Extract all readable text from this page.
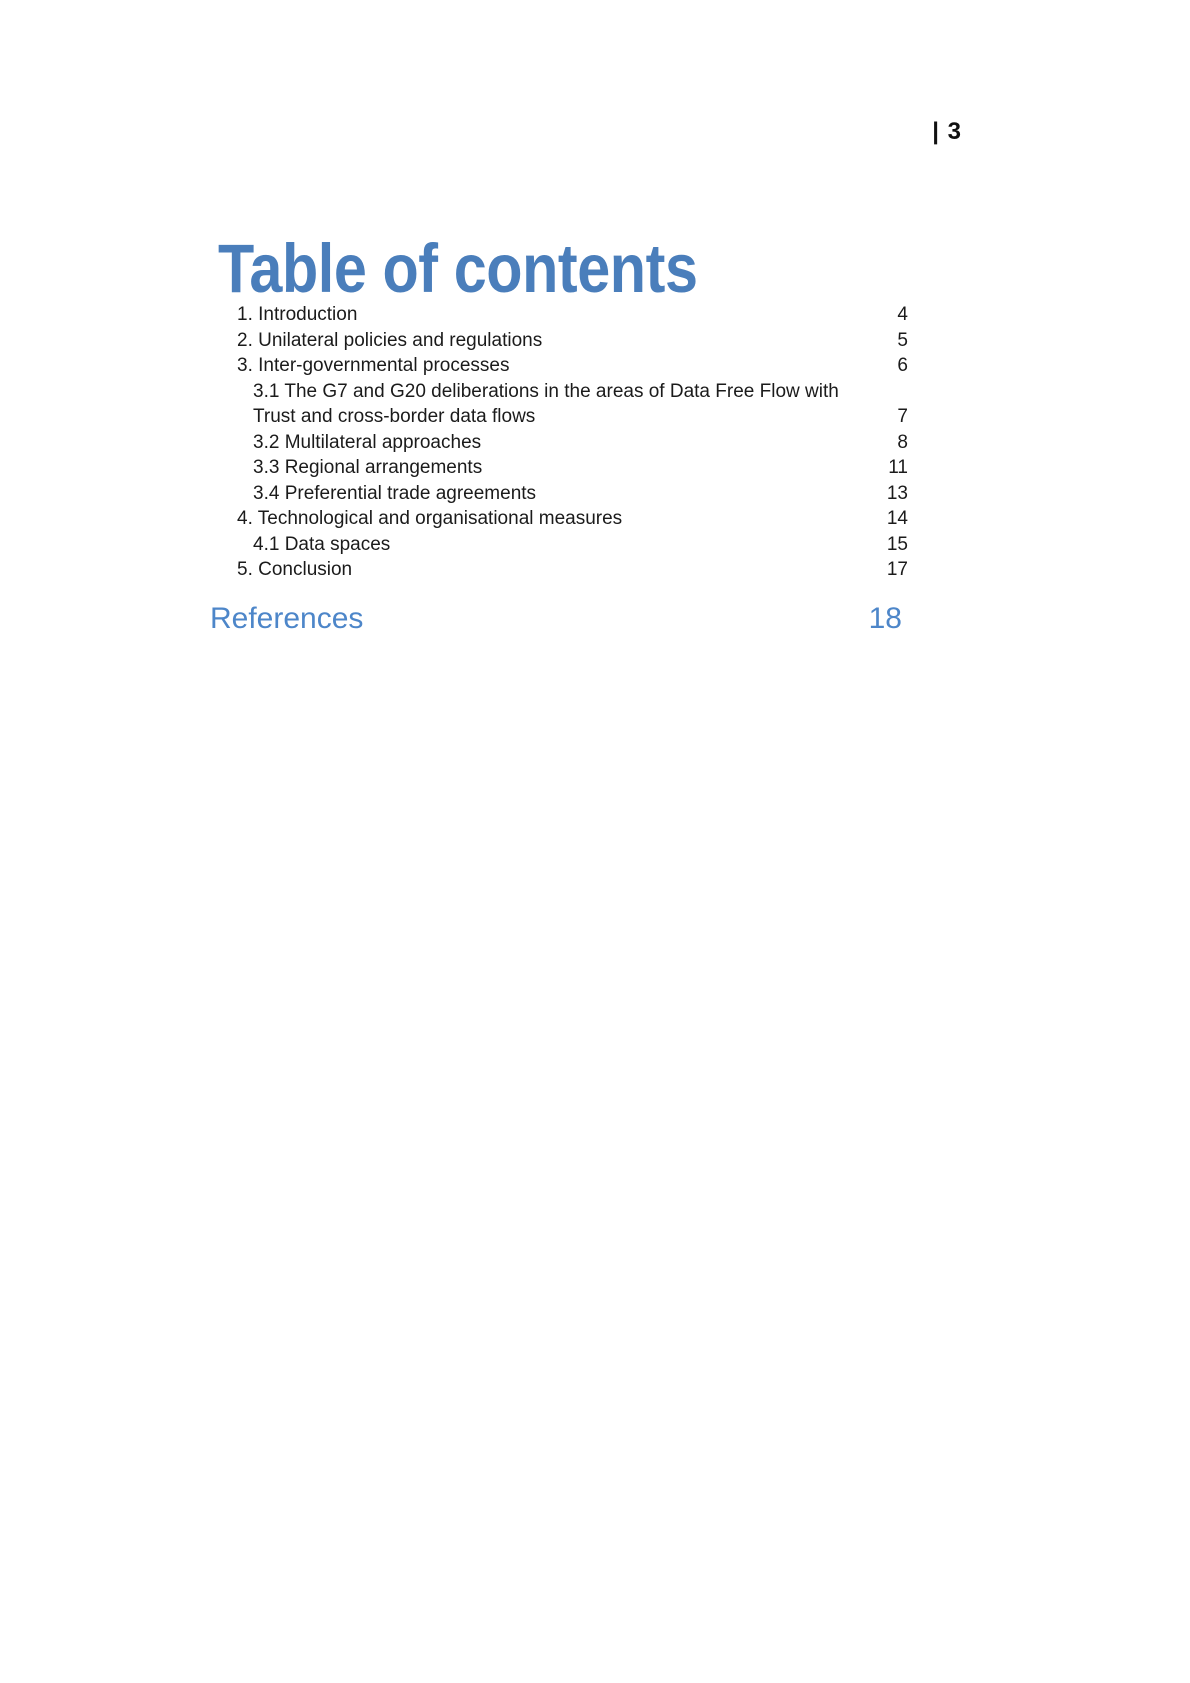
| 3
Table of contents
1. Introduction	4
2. Unilateral policies and regulations	5
3. Inter-governmental processes	6
3.1 The G7 and G20 deliberations in the areas of Data Free Flow with
Trust and cross-border data flows	7
3.2 Multilateral approaches	8
3.3 Regional arrangements	11
3.4 Preferential trade agreements	13
4. Technological and organisational measures	14
4.1 Data spaces	15
5. Conclusion	17
References	18
